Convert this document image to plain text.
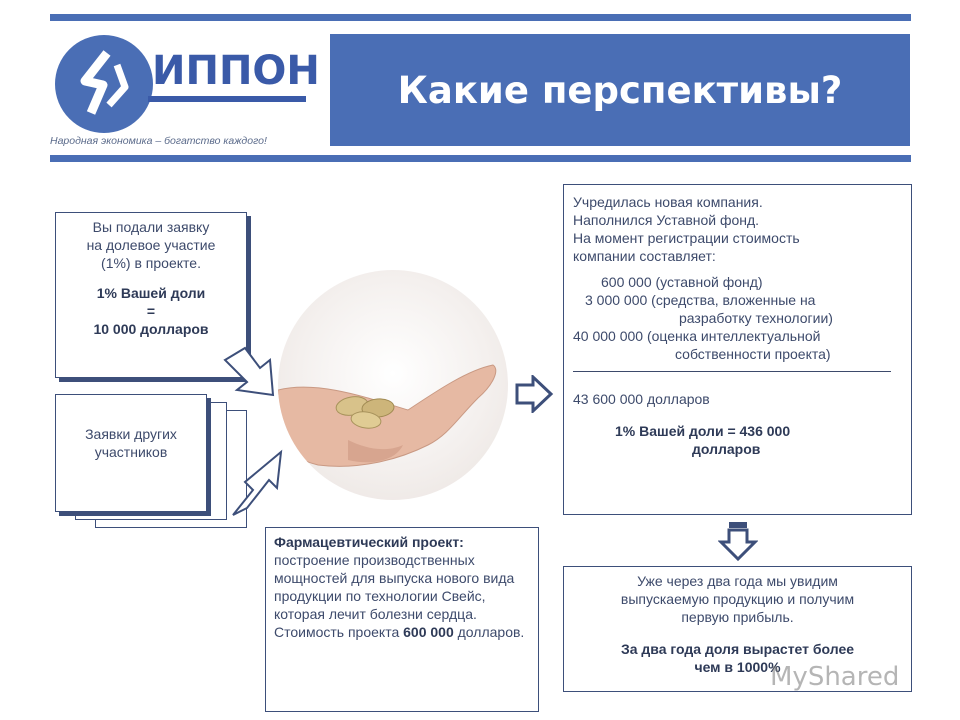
ИППОН
Народная экономика – богатство каждого!
Какие перспективы?
Вы подали заявку
на долевое участие
(1%) в проекте.
1% Вашей доли
=
10 000 долларов
Заявки других
участников
Фармацевтический проект: построение производственных мощностей для выпуска нового вида продукции по технологии Свейс, которая лечит болезни сердца.
Стоимость проекта 600 000 долларов.
Учредилась новая компания.
Наполнился Уставной фонд.
На момент регистрации стоимость
компании составляет:
600 000 (уставной фонд)
3 000 000 (средства, вложенные на
разработку технологии)
40 000 000 (оценка интеллектуальной
собственности проекта)
43 600 000 долларов
1% Вашей доли = 436 000
долларов
Уже через два года мы увидим
выпускаемую продукцию и получим
первую прибыль.
За два года доля вырастет более
чем в 1000%
MyShared
